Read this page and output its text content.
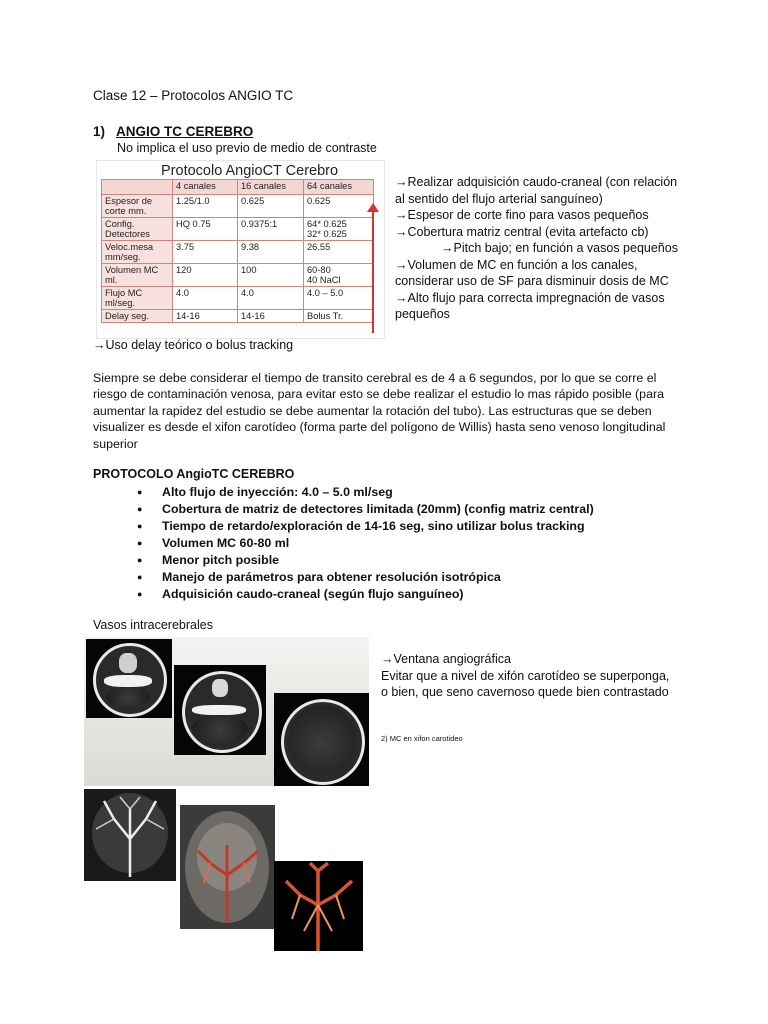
Clase 12 – Protocolos ANGIO TC
1) ANGIO TC CEREBRO
No implica el uso previo de medio de contraste
Protocolo AngioCT Cerebro
	4 canales	16 canales	64 canales
Espesor de corte mm.	1.25/1.0	0.625	0.625
Config. Detectores	HQ 0.75	0.9375:1	64* 0.625
32* 0.625
Veloc.mesa mm/seg.	3.75	9.38	26.55
Volumen MC ml.	120	100	60-80
40 NaCl
Flujo MC ml/seg.	4.0	4.0	4.0 – 5.0
Delay seg.	14-16	14-16	Bolus Tr.
→Realizar adquisición caudo-craneal (con relación al sentido del flujo arterial sanguíneo)
→Espesor de corte fino para vasos pequeños
→Cobertura matriz central (evita artefacto cb)
→Pitch bajo; en función a vasos pequeños
→Volumen de MC en función a los canales, considerar uso de SF para disminuir dosis de MC
→Alto flujo para correcta impregnación de vasos pequeños
→Uso delay teórico o bolus tracking
Siempre se debe considerar el tiempo de transito cerebral es de 4 a 6 segundos, por lo que se corre el riesgo de contaminación venosa, para evitar esto se debe realizar el estudio lo mas rápido posible (para aumentar la rapidez del estudio se debe aumentar la rotación del tubo). Las estructuras que se deben visualizer es desde el xifon carotídeo (forma parte del polígono de Willis) hasta seno venoso longitudinal superior
PROTOCOLO AngioTC CEREBRO
● Alto flujo de inyección: 4.0 – 5.0 ml/seg
● Cobertura de matriz de detectores limitada (20mm) (config matriz central)
● Tiempo de retardo/exploración de 14-16 seg, sino utilizar bolus tracking
● Volumen MC 60-80 ml
● Menor pitch posible
● Manejo de parámetros para obtener resolución isotrópica
● Adquisición caudo-craneal (según flujo sanguíneo)
Vasos intracerebrales
→Ventana angiográfica
Evitar que a nivel de xifón carotídeo se superponga, o bien, que seno cavernoso quede bien contrastado
2) MC en xifon carotideo
